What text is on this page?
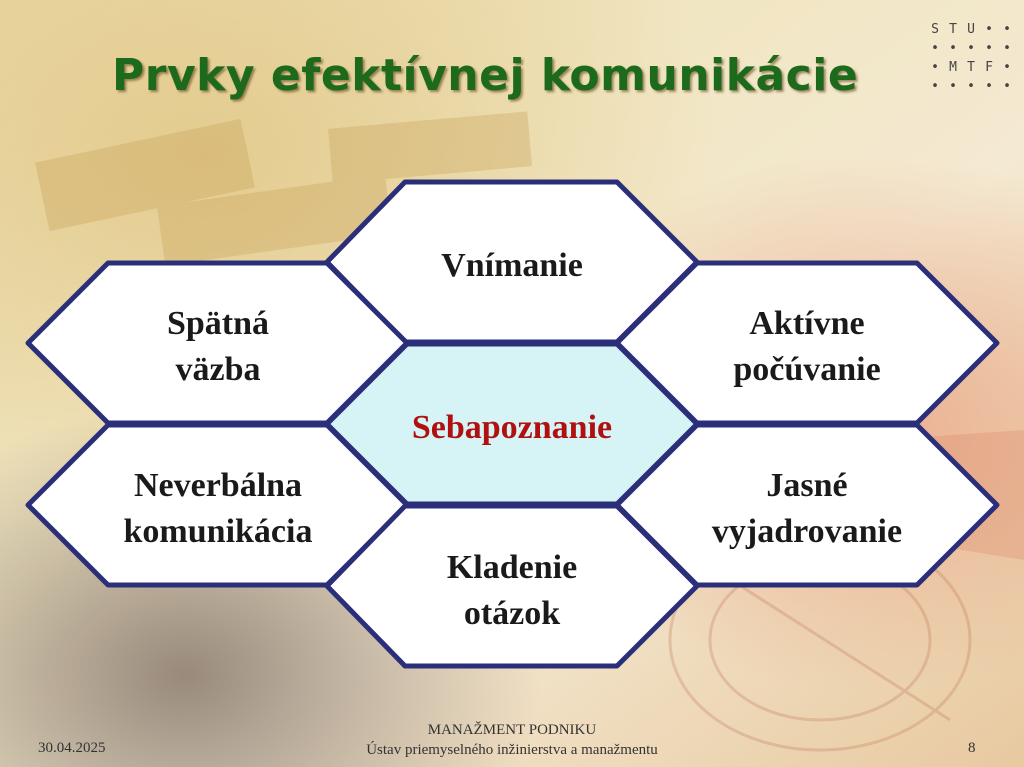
Prvky efektívnej komunikácie
S T U • •
• • • • •
• M T F •
• • • • •
Vnímanie
Spätná
väzba
Aktívne
počúvanie
Neverbálna
komunikácia
Jasné
vyjadrovanie
Kladenie
otázok
Sebapoznanie
30.04.2025
MANAŽMENT PODNIKU
Ústav priemyselného inžinierstva a manažmentu	8
